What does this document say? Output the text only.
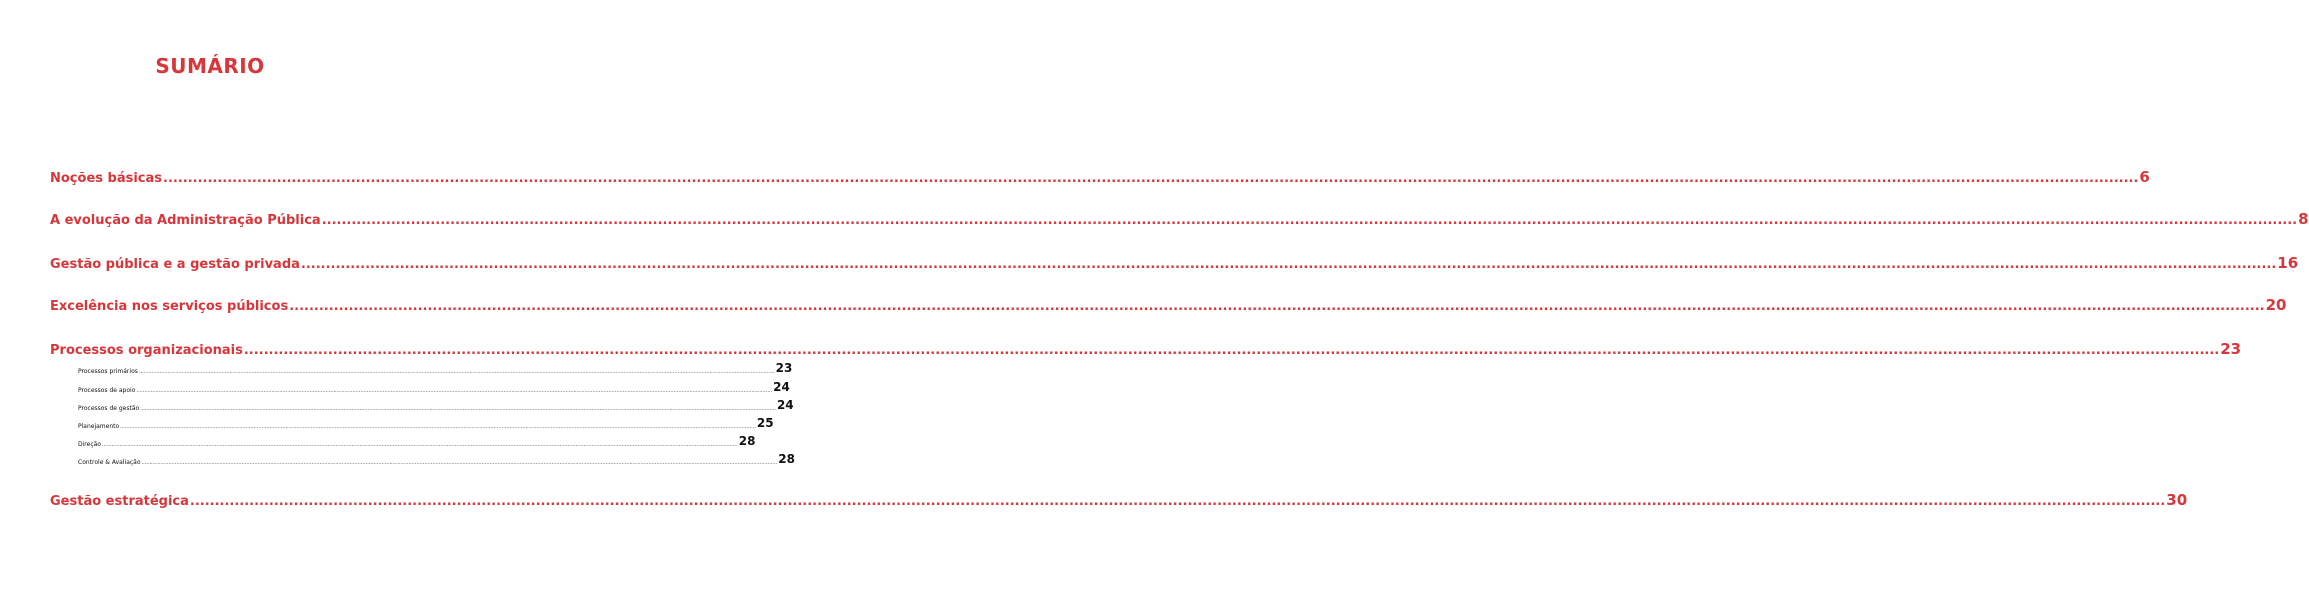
SUMÁRIO
Noções básicas ................................................................................................................................................................................................................................................................................................................................................................................................................ 6
A evolução da Administração Pública ................................................................................................................................................................................................................................................................................................................................................................................................................ 8
Gestão pública e a gestão privada ................................................................................................................................................................................................................................................................................................................................................................................................................ 16
Excelência nos serviços públicos ................................................................................................................................................................................................................................................................................................................................................................................................................ 20
Processos organizacionais ................................................................................................................................................................................................................................................................................................................................................................................................................ 23
Processos primários ................................................................................................................................................................................................................................................................................................................................................................................................................ 23
Processos de apoio ................................................................................................................................................................................................................................................................................................................................................................................................................ 24
Processos de gestão ................................................................................................................................................................................................................................................................................................................................................................................................................ 24
Planejamento ................................................................................................................................................................................................................................................................................................................................................................................................................ 25
Direção ................................................................................................................................................................................................................................................................................................................................................................................................................ 28
Controle & Avaliação ................................................................................................................................................................................................................................................................................................................................................................................................................ 28
Gestão estratégica ................................................................................................................................................................................................................................................................................................................................................................................................................ 30
